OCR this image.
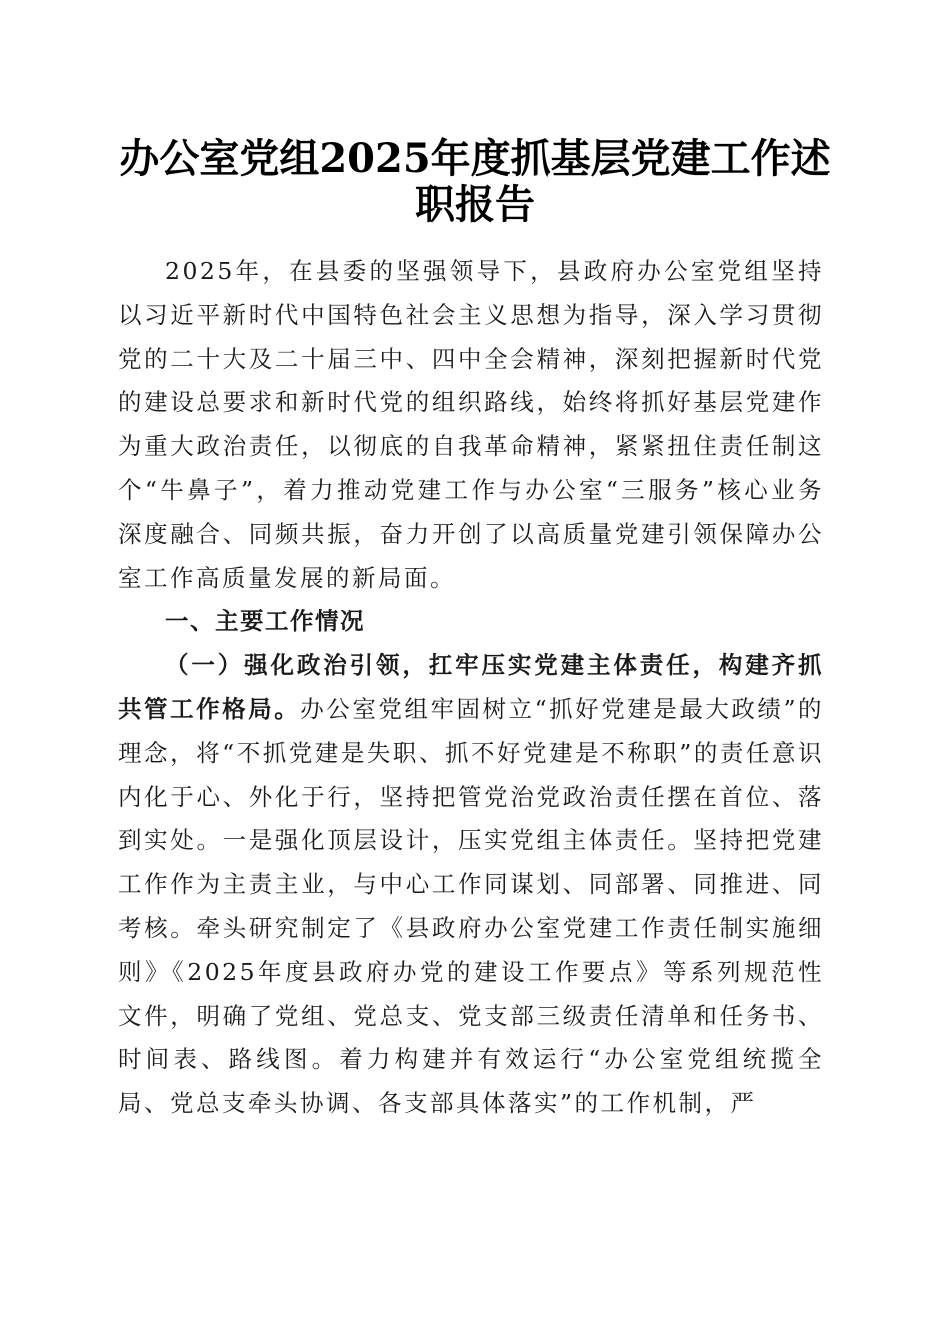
办公室党组2025年度抓基层党建工作述职报告

2025年，在县委的坚强领导下，县政府办公室党组坚持以习近平新时代中国特色社会主义思想为指导，深入学习贯彻党的二十大及二十届三中、四中全会精神，深刻把握新时代党的建设总要求和新时代党的组织路线，始终将抓好基层党建作为重大政治责任，以彻底的自我革命精神，紧紧扭住责任制这个“牛鼻子”，着力推动党建工作与办公室“三服务”核心业务深度融合、同频共振，奋力开创了以高质量党建引领保障办公室工作高质量发展的新局面。

一、主要工作情况

（一）强化政治引领，扛牢压实党建主体责任，构建齐抓共管工作格局。办公室党组牢固树立“抓好党建是最大政绩”的理念，将“不抓党建是失职、抓不好党建是不称职”的责任意识内化于心、外化于行，坚持把管党治党政治责任摆在首位、落到实处。一是强化顶层设计，压实党组主体责任。坚持把党建工作作为主责主业，与中心工作同谋划、同部署、同推进、同考核。牵头研究制定了《县政府办公室党建工作责任制实施细则》《2025年度县政府办党的建设工作要点》等系列规范性文件，明确了党组、党总支、党支部三级责任清单和任务书、时间表、路线图。着力构建并有效运行“办公室党组统揽全局、党总支牵头协调、各支部具体落实”的工作机制，严
